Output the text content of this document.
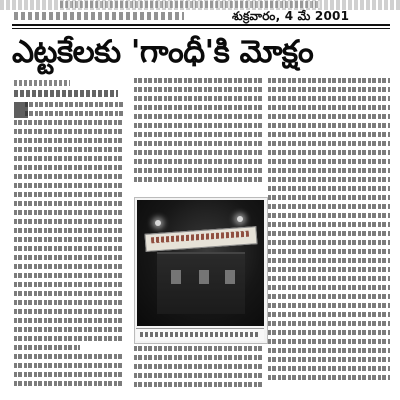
శుక్రవారం, 4 మే 2001
ఎట్టకేలకు 'గాంధీ'కి మోక్షం
